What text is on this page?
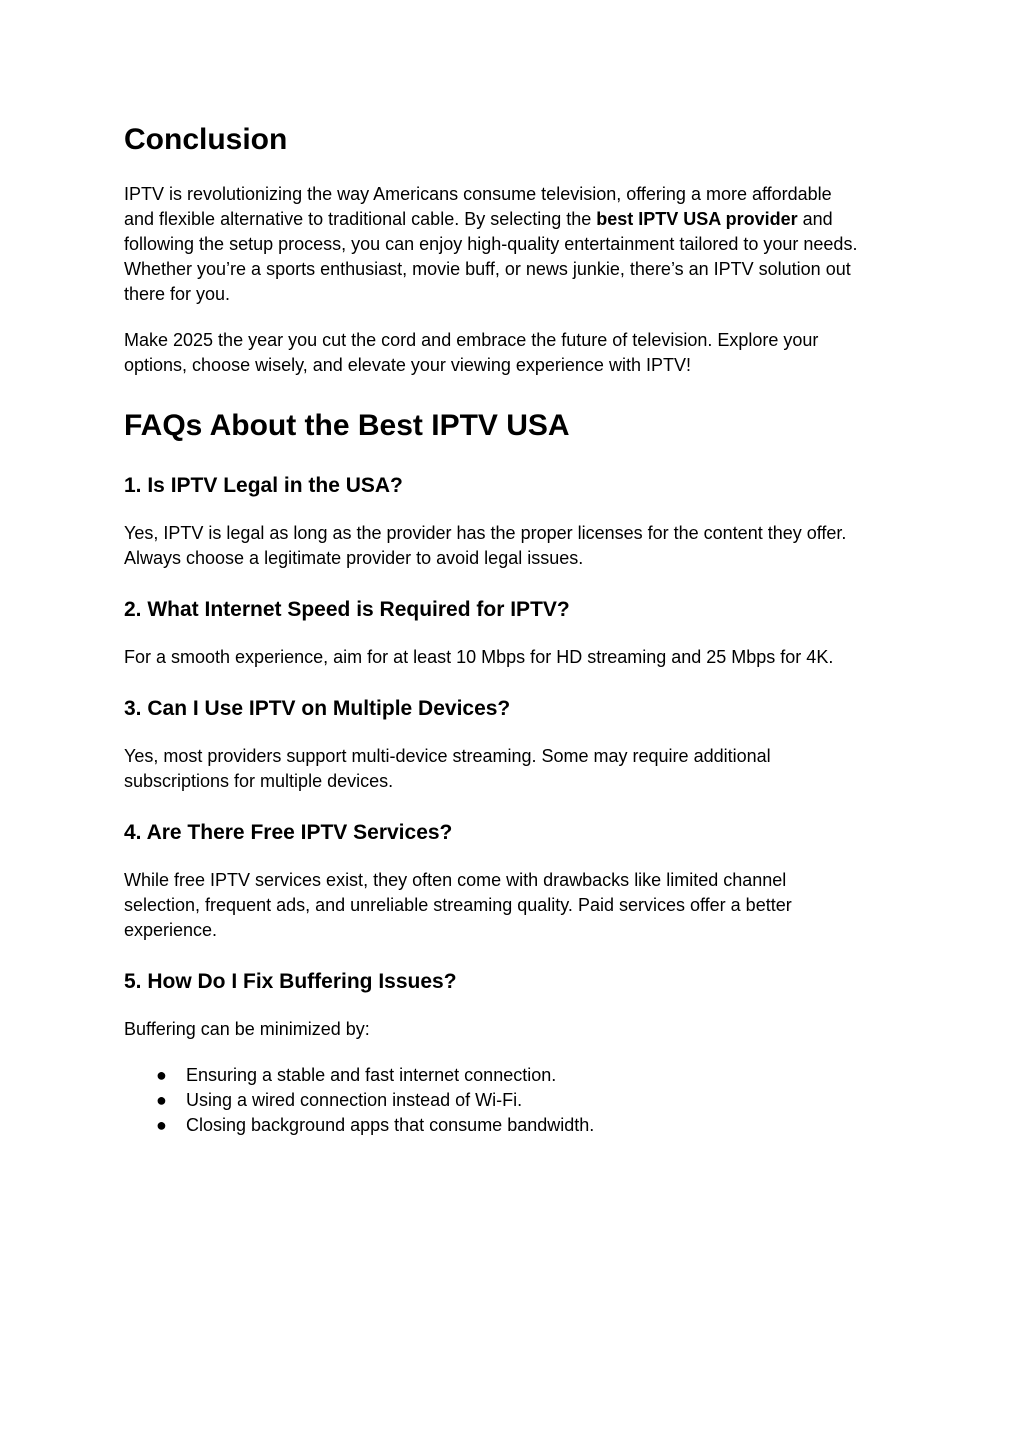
Conclusion
IPTV is revolutionizing the way Americans consume television, offering a more affordable
and flexible alternative to traditional cable. By selecting the best IPTV USA provider and
following the setup process, you can enjoy high-quality entertainment tailored to your needs.
Whether you’re a sports enthusiast, movie buff, or news junkie, there’s an IPTV solution out
there for you.
Make 2025 the year you cut the cord and embrace the future of television. Explore your
options, choose wisely, and elevate your viewing experience with IPTV!
FAQs About the Best IPTV USA
1. Is IPTV Legal in the USA?
Yes, IPTV is legal as long as the provider has the proper licenses for the content they offer.
Always choose a legitimate provider to avoid legal issues.
2. What Internet Speed is Required for IPTV?
For a smooth experience, aim for at least 10 Mbps for HD streaming and 25 Mbps for 4K.
3. Can I Use IPTV on Multiple Devices?
Yes, most providers support multi-device streaming. Some may require additional
subscriptions for multiple devices.
4. Are There Free IPTV Services?
While free IPTV services exist, they often come with drawbacks like limited channel
selection, frequent ads, and unreliable streaming quality. Paid services offer a better
experience.
5. How Do I Fix Buffering Issues?
Buffering can be minimized by:
● Ensuring a stable and fast internet connection.
● Using a wired connection instead of Wi-Fi.
● Closing background apps that consume bandwidth.
